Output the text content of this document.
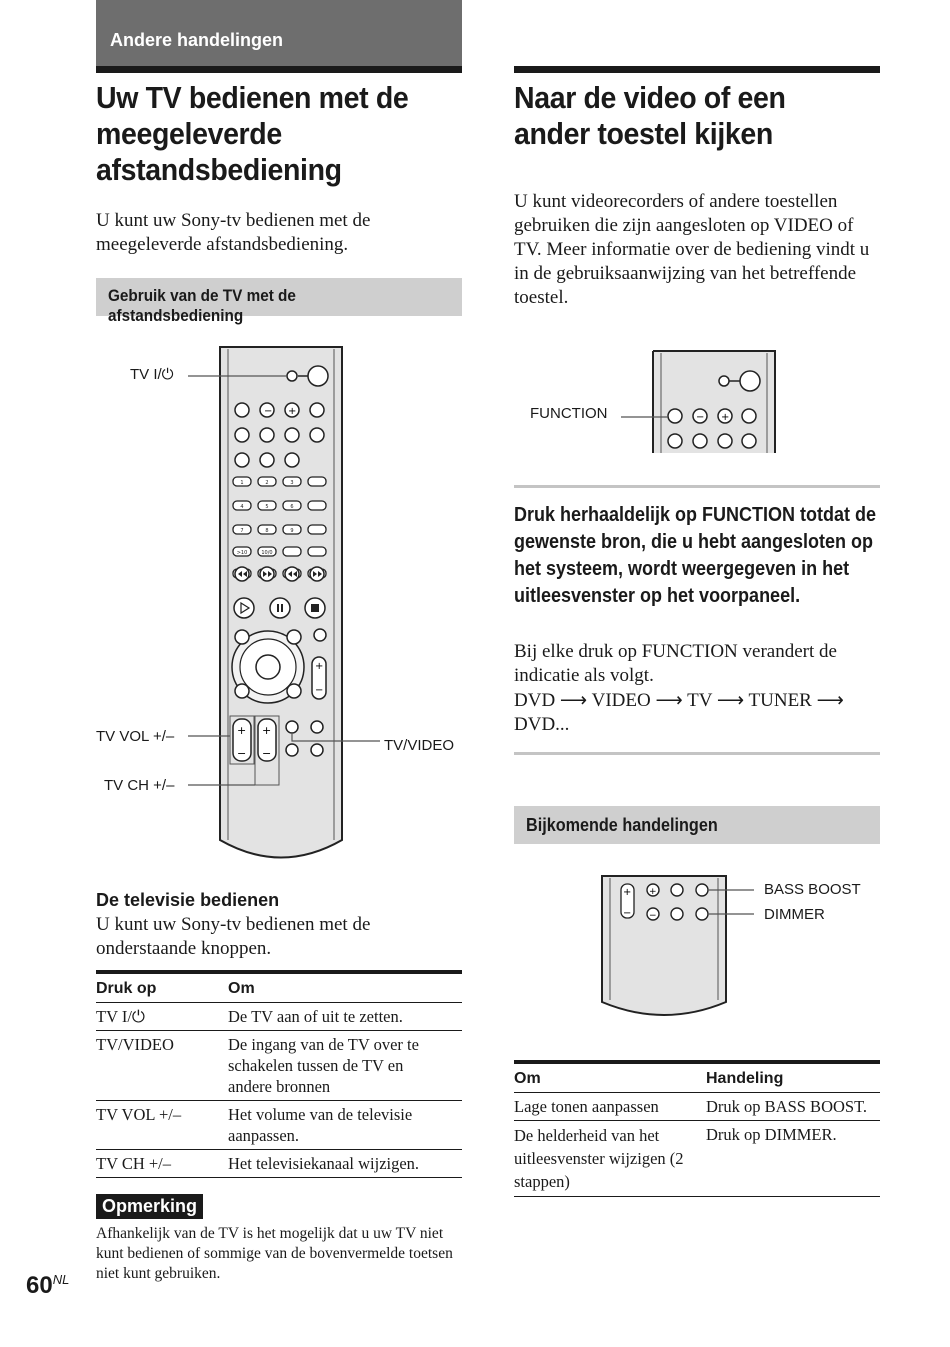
Andere handelingen
Uw TV bedienen met de
meegeleverde
afstandsbediening

U kunt uw Sony-tv bedienen met de meegeleverde afstandsbediening.

Gebruik van de TV met de afstandsbediening
− +
1	2	3
4	5	6
7	8	9
>10	10/0
+
−
+
−
+
−
TV I/⏻
TV VOL +/–
TV CH +/–
TV/VIDEO
De televisie bedienen

U kunt uw Sony-tv bedienen met de onderstaande knoppen.

Druk op	Om
TV I/⏻	De TV aan of uit te zetten.
TV/VIDEO	De ingang van de TV over te schakelen tussen de TV en andere bronnen
TV VOL +/–	Het volume van de televisie aanpassen.
TV CH +/–	Het televisiekanaal wijzigen.
Opmerking

Afhankelijk van de TV is het mogelijk dat u uw TV niet kunt bedienen of sommige van de bovenvermelde toetsen niet kunt gebruiken.

$60^{NL}$
Naar de video of een
ander toestel kijken

U kunt videorecorders of andere toestellen gebruiken die zijn aangesloten op VIDEO of TV. Meer informatie over de bediening vindt u in de gebruiksaanwijzing van het betreffende toestel.

− +
FUNCTION
Druk herhaaldelijk op FUNCTION totdat de gewenste bron, die u hebt aangesloten op het systeem, wordt weergegeven in het uitleesvenster op het voorpaneel.

Bij elke druk op FUNCTION verandert de indicatie als volgt.

DVD ⟶ VIDEO ⟶ TV ⟶ TUNER ⟶
DVD...

Bijkomende handelingen
+
−
+
−
BASS BOOST
DIMMER
Om	Handeling
Lage tonen aanpassen	Druk op BASS BOOST.
De helderheid van het uitleesvenster wijzigen (2 stappen)	Druk op DIMMER.
